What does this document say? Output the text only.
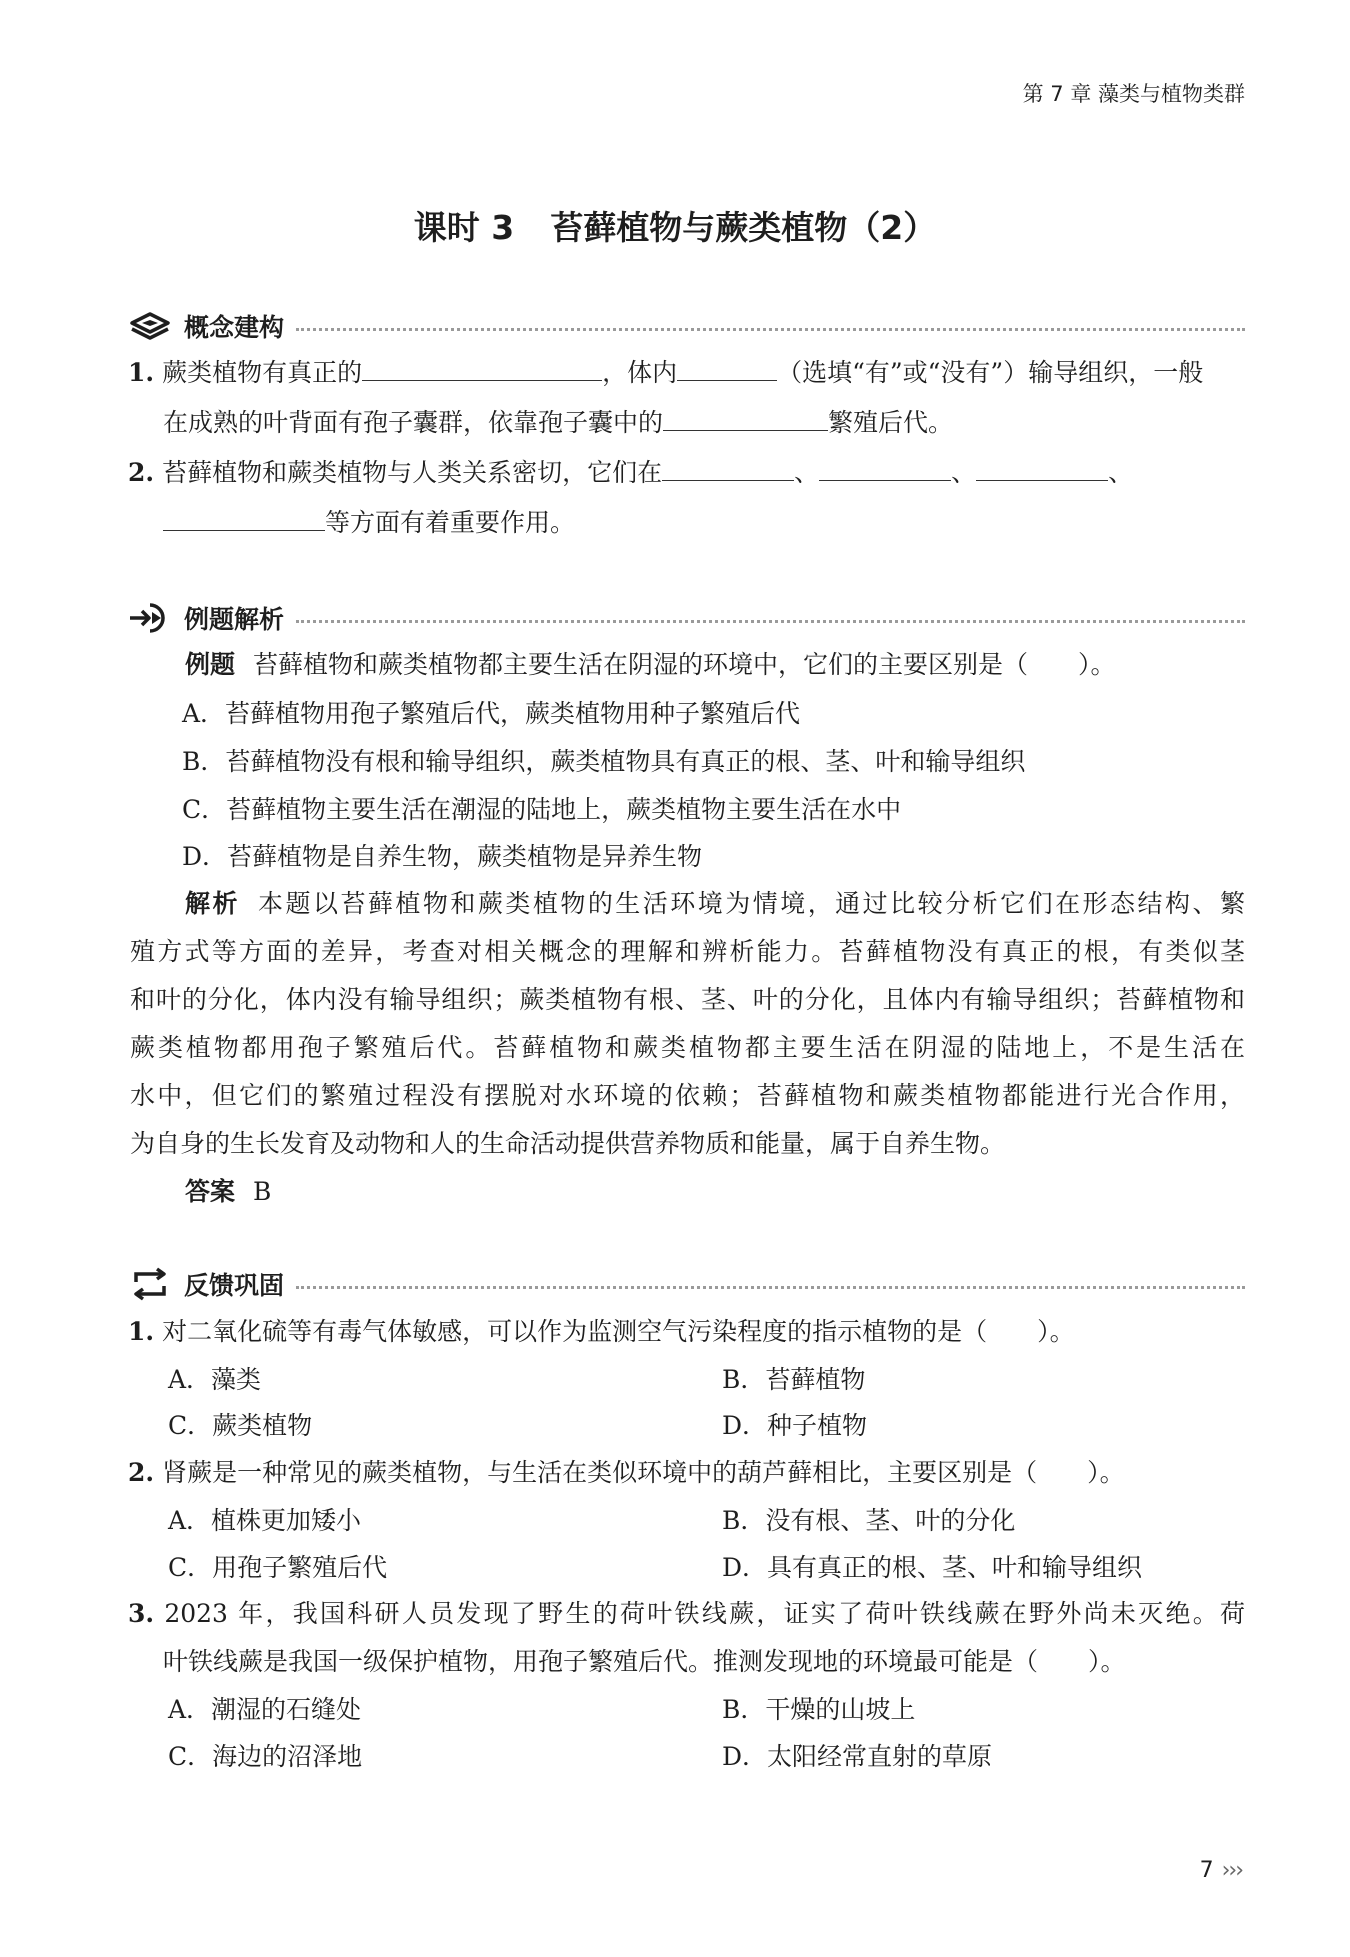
第 7 章 藻类与植物类群
课时 3 苔藓植物与蕨类植物（2）
概念建构
1. 蕨类植物有真正的	，体内	（选填“有”或“没有”）输导组织，一般
在成熟的叶背面有孢子囊群，依靠孢子囊中的	繁殖后代。
2. 苔藓植物和蕨类植物与人类关系密切，它们在	、	、	、
等方面有着重要作用。
例题解析
例题 苔藓植物和蕨类植物都主要生活在阴湿的环境中，它们的主要区别是（　　）。
A．苔藓植物用孢子繁殖后代，蕨类植物用种子繁殖后代
B．苔藓植物没有根和输导组织，蕨类植物具有真正的根、茎、叶和输导组织
C．苔藓植物主要生活在潮湿的陆地上，蕨类植物主要生活在水中
D．苔藓植物是自养生物，蕨类植物是异养生物
解析 本题以苔藓植物和蕨类植物的生活环境为情境，通过比较分析它们在形态结构、繁
殖方式等方面的差异，考查对相关概念的理解和辨析能力。苔藓植物没有真正的根，有类似茎
和叶的分化，体内没有输导组织；蕨类植物有根、茎、叶的分化，且体内有输导组织；苔藓植物和
蕨类植物都用孢子繁殖后代。苔藓植物和蕨类植物都主要生活在阴湿的陆地上，不是生活在
水中，但它们的繁殖过程没有摆脱对水环境的依赖；苔藓植物和蕨类植物都能进行光合作用，
为自身的生长发育及动物和人的生命活动提供营养物质和能量，属于自养生物。
答案 B
反馈巩固
1. 对二氧化硫等有毒气体敏感，可以作为监测空气污染程度的指示植物的是（　　）。
A．藻类	B．苔藓植物
C．蕨类植物	D．种子植物
2. 肾蕨是一种常见的蕨类植物，与生活在类似环境中的葫芦藓相比，主要区别是（　　）。
A．植株更加矮小	B．没有根、茎、叶的分化
C．用孢子繁殖后代	D．具有真正的根、茎、叶和输导组织
3. 2023 年，我国科研人员发现了野生的荷叶铁线蕨，证实了荷叶铁线蕨在野外尚未灭绝。荷
叶铁线蕨是我国一级保护植物，用孢子繁殖后代。推测发现地的环境最可能是（　　）。
A．潮湿的石缝处	B．干燥的山坡上
C．海边的沼泽地	D．太阳经常直射的草原
7 ›››
